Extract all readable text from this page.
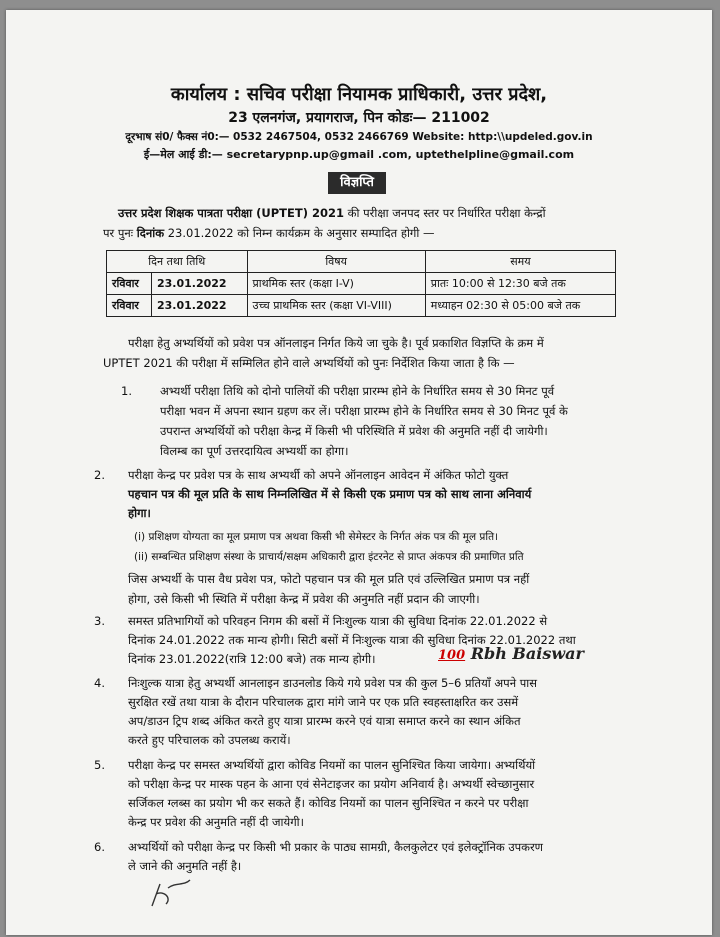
कार्यालय : सचिव परीक्षा नियामक प्राधिकारी, उत्तर प्रदेश,
23 एलनगंज, प्रयागराज, पिन कोडः— 211002
दूरभाष सं0/ फैक्स नं0:— 0532 2467504, 0532 2466769 Website: http:\\updeled.gov.in
ई—मेल आई डी:— secretarypnp.up@gmail .com, uptethelpline@gmail.com
विज्ञप्ति
उत्तर प्रदेश शिक्षक पात्रता परीक्षा (UPTET) 2021 की परीक्षा जनपद स्तर पर निर्धारित परीक्षा केन्द्रों
पर पुनः दिनांक 23.01.2022 को निम्न कार्यक्रम के अनुसार सम्पादित होगी —
दिन तथा तिथि		विषय	समय
रविवार	23.01.2022	प्राथमिक स्तर (कक्षा I-V)	प्रातः 10:00 से 12:30 बजे तक
रविवार	23.01.2022	उच्च प्राथमिक स्तर (कक्षा VI-VIII)	मध्याहन 02:30 से 05:00 बजे तक
परीक्षा हेतु अभ्यर्थियों को प्रवेश पत्र ऑनलाइन निर्गत किये जा चुके है। पूर्व प्रकाशित विज्ञप्ति के क्रम में
UPTET 2021 की परीक्षा में सम्मिलित होने वाले अभ्यर्थियों को पुनः निर्देशित किया जाता है कि —
1. अभ्यर्थी परीक्षा तिथि को दोनो पालियों की परीक्षा प्रारम्भ होने के निर्धारित समय से 30 मिनट पूर्व
परीक्षा भवन में अपना स्थान ग्रहण कर लें। परीक्षा प्रारम्भ होने के निर्धारित समय से 30 मिनट पूर्व के
उपरान्त अभ्यर्थियों को परीक्षा केन्द्र में किसी भी परिस्थिति में प्रवेश की अनुमति नहीं दी जायेगी।
विलम्ब का पूर्ण उत्तरदायित्व अभ्यर्थी का होगा।
2. परीक्षा केन्द्र पर प्रवेश पत्र के साथ अभ्यर्थी को अपने ऑनलाइन आवेदन में अंकित फोटो युक्त
पहचान पत्र की मूल प्रति के साथ निम्नलिखित में से किसी एक प्रमाण पत्र को साथ लाना अनिवार्य
होगा।
(i) प्रशिक्षण योग्यता का मूल प्रमाण पत्र अथवा किसी भी सेमेस्टर के निर्गत अंक पत्र की मूल प्रति।
(ii) सम्बन्धित प्रशिक्षण संस्था के प्राचार्य/सक्षम अधिकारी द्वारा इंटरनेट से प्राप्त अंकपत्र की प्रमाणित प्रति
जिस अभ्यर्थी के पास वैध प्रवेश पत्र, फोटो पहचान पत्र की मूल प्रति एवं उल्लिखित प्रमाण पत्र नहीं
होगा, उसे किसी भी स्थिति में परीक्षा केन्द्र में प्रवेश की अनुमति नहीं प्रदान की जाएगी।
3. समस्त प्रतिभागियों को परिवहन निगम की बसों में निःशुल्क यात्रा की सुविधा दिनांक 22.01.2022 से
दिनांक 24.01.2022 तक मान्य होगी। सिटी बसों में निःशुल्क यात्रा की सुविधा दिनांक 22.01.2022 तथा
दिनांक 23.01.2022(रात्रि 12:00 बजे) तक मान्य होगी।	100 Rbh Baiswar
4. निःशुल्क यात्रा हेतु अभ्यर्थी आनलाइन डाउनलोड किये गये प्रवेश पत्र की कुल 5–6 प्रतियाँ अपने पास
सुरक्षित रखें तथा यात्रा के दौरान परिचालक द्वारा मांगे जाने पर एक प्रति स्वहस्ताक्षरित कर उसमें
अप/डाउन ट्रिप शब्द अंकित करते हुए यात्रा प्रारम्भ करने एवं यात्रा समाप्त करने का स्थान अंकित
करते हुए परिचालक को उपलब्ध करायें।
5. परीक्षा केन्द्र पर समस्त अभ्यर्थियों द्वारा कोविड नियमों का पालन सुनिश्चित किया जायेगा। अभ्यर्थियों
को परीक्षा केन्द्र पर मास्क पहन के आना एवं सेनेटाइजर का प्रयोग अनिवार्य है। अभ्यर्थी स्वेच्छानुसार
सर्जिकल ग्लब्स का प्रयोग भी कर सकते हैं। कोविड नियमों का पालन सुनिश्चित न करने पर परीक्षा
केन्द्र पर प्रवेश की अनुमति नहीं दी जायेगी।
6. अभ्यर्थियों को परीक्षा केन्द्र पर किसी भी प्रकार के पाठ्य सामग्री, कैलकुलेटर एवं इलेक्ट्रॉनिक उपकरण
ले जाने की अनुमति नहीं है।
